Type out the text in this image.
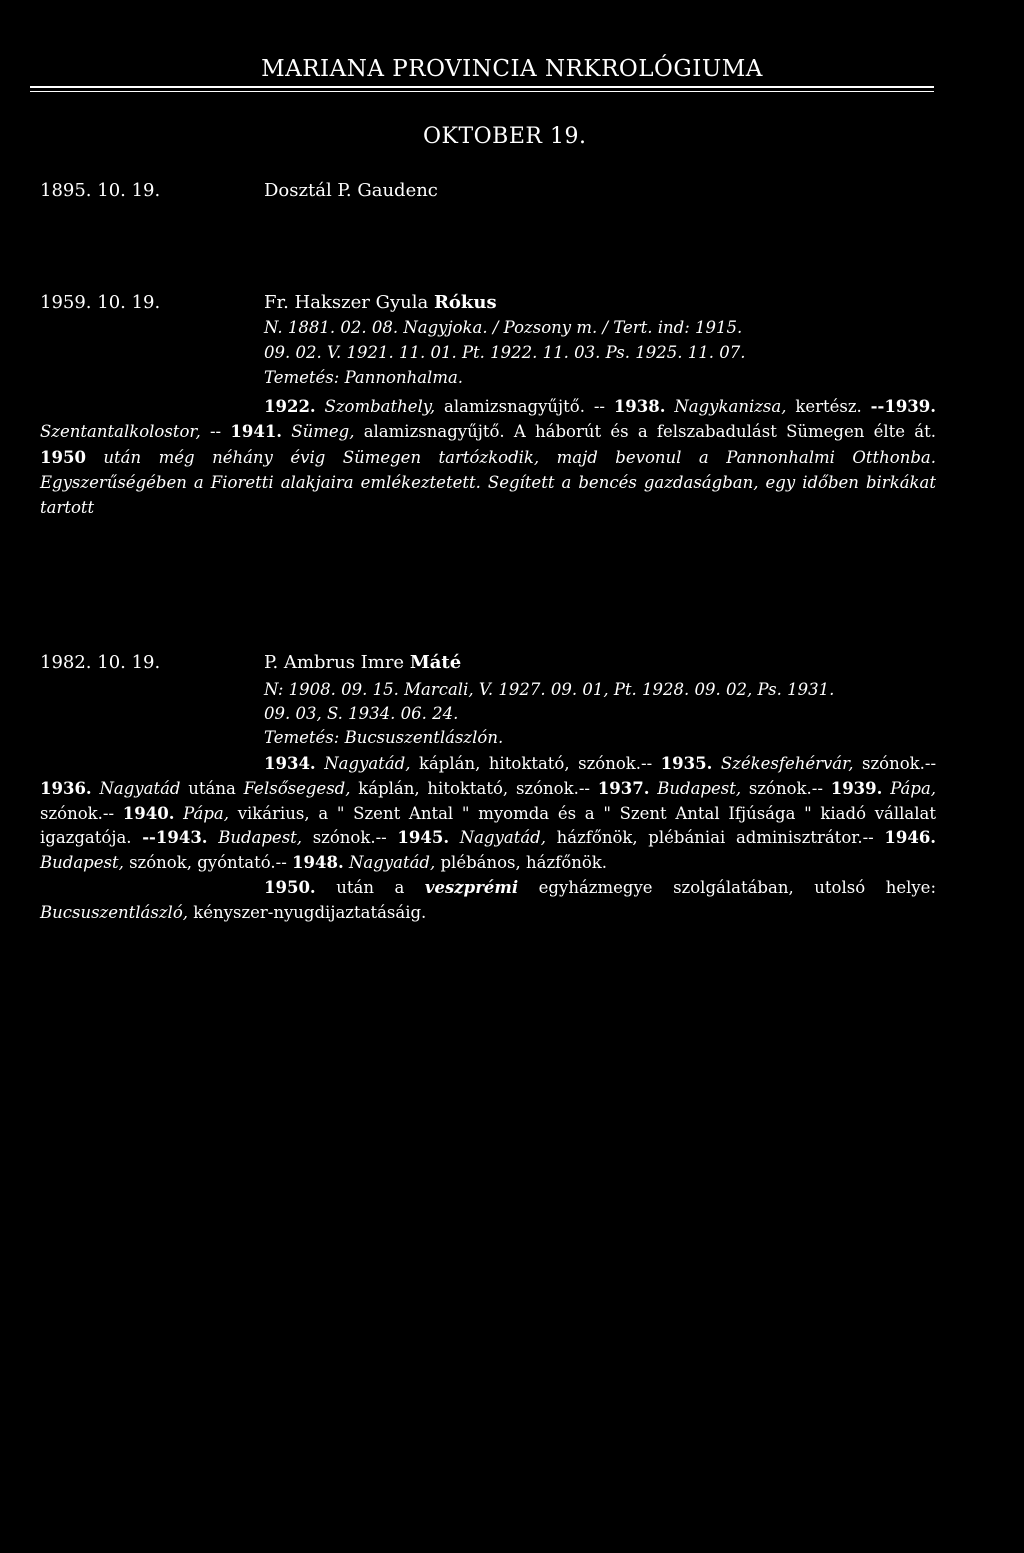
MARIANA PROVINCIA NRKROLÓGIUMA
OKTOBER 19.
1895. 10. 19.	Dosztál P. Gaudenc
1959. 10. 19.	Fr. Hakszer Gyula Rókus
N. 1881. 02. 08. Nagyjoka. / Pozsony m. / Tert. ind: 1915.
09. 02. V. 1921. 11. 01. Pt. 1922. 11. 03. Ps. 1925. 11. 07.
Temetés: Pannonhalma.
1922. Szombathely, alamizsnagyűjtő. -- 1938. Nagykanizsa, kertész. --1939. Szentantalkolostor, -- 1941. Sümeg, alamizsnagyűjtő. A háborút és a felszabadulást Sümegen élte át. 1950 után még néhány évig Sümegen tartózkodik, majd bevonul a Pannonhalmi Otthonba. Egyszerűségében a Fioretti alakjaira emlékeztetett. Segített a bencés gazdaságban, egy időben birkákat tartott
1982. 10. 19.	P. Ambrus Imre Máté
N: 1908. 09. 15. Marcali, V. 1927. 09. 01, Pt. 1928. 09. 02, Ps. 1931.
09. 03, S. 1934. 06. 24.
Temetés: Bucsuszentlászlón.
1934. Nagyatád, káplán, hitoktató, szónok.-- 1935. Székesfehérvár, szónok.-- 1936. Nagyatád utána Felsősegesd, káplán, hitoktató, szónok.-- 1937. Budapest, szónok.-- 1939. Pápa, szónok.-- 1940. Pápa, vikárius, a " Szent Antal " myomda és a " Szent Antal Ifjúsága " kiadó vállalat igazgatója. --1943. Budapest, szónok.-- 1945. Nagyatád, házfőnök, plébániai adminisztrátor.-- 1946. Budapest, szónok, gyóntató.-- 1948. Nagyatád, plébános, házfőnök.
1950. után a veszprémi egyházmegye szolgálatában, utolsó helye: Bucsuszentlászló, kényszer-nyugdijaztatásáig.
